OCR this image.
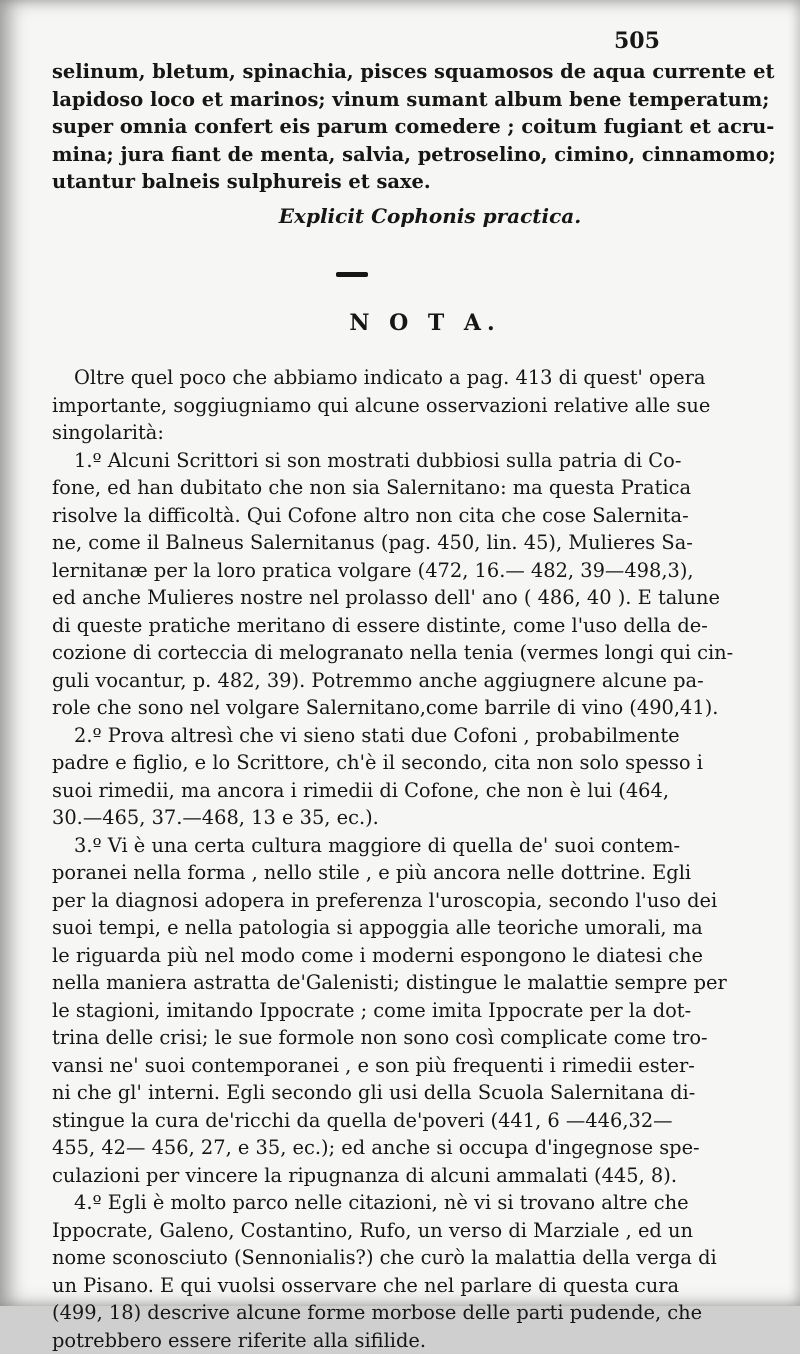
505
selinum, bletum, spinachia, pisces squamosos de aqua currente et
lapidoso loco et marinos; vinum sumant album bene temperatum;
super omnia confert eis parum comedere ; coitum fugiant et acru-
mina; jura fiant de menta, salvia, petroselino, cimino, cinnamomo;
utantur balneis sulphureis et saxe.
Explicit Cophonis practica.
N O T A.

Oltre quel poco che abbiamo indicato a pag. 413 di quest' opera
importante, soggiugniamo qui alcune osservazioni relative alle sue
singolarità:

1.º Alcuni Scrittori si son mostrati dubbiosi sulla patria di Co-
fone, ed han dubitato che non sia Salernitano: ma questa Pratica
risolve la difficoltà. Qui Cofone altro non cita che cose Salernita-
ne, come il Balneus Salernitanus (pag. 450, lin. 45), Mulieres Sa-
lernitanæ per la loro pratica volgare (472, 16.— 482, 39—498,3),
ed anche Mulieres nostre nel prolasso dell' ano ( 486, 40 ). E talune
di queste pratiche meritano di essere distinte, come l'uso della de-
cozione di corteccia di melogranato nella tenia (vermes longi qui cin-
guli vocantur, p. 482, 39). Potremmo anche aggiugnere alcune pa-
role che sono nel volgare Salernitano,come barrile di vino (490,41).

2.º Prova altresì che vi sieno stati due Cofoni , probabilmente
padre e figlio, e lo Scrittore, ch'è il secondo, cita non solo spesso i
suoi rimedii, ma ancora i rimedii di Cofone, che non è lui (464,
30.—465, 37.—468, 13 e 35, ec.).

3.º Vi è una certa cultura maggiore di quella de' suoi contem-
poranei nella forma , nello stile , e più ancora nelle dottrine. Egli
per la diagnosi adopera in preferenza l'uroscopia, secondo l'uso dei
suoi tempi, e nella patologia si appoggia alle teoriche umorali, ma
le riguarda più nel modo come i moderni espongono le diatesi che
nella maniera astratta de'Galenisti; distingue le malattie sempre per
le stagioni, imitando Ippocrate ; come imita Ippocrate per la dot-
trina delle crisi; le sue formole non sono così complicate come tro-
vansi ne' suoi contemporanei , e son più frequenti i rimedii ester-
ni che gl' interni. Egli secondo gli usi della Scuola Salernitana di-
stingue la cura de'ricchi da quella de'poveri (441, 6 —446,32—
455, 42— 456, 27, e 35, ec.); ed anche si occupa d'ingegnose spe-
culazioni per vincere la ripugnanza di alcuni ammalati (445, 8).

4.º Egli è molto parco nelle citazioni, nè vi si trovano altre che
Ippocrate, Galeno, Costantino, Rufo, un verso di Marziale , ed un
nome sconosciuto (Sennonialis?) che curò la malattia della verga di
un Pisano. E qui vuolsi osservare che nel parlare di questa cura
(499, 18) descrive alcune forme morbose delle parti pudende, che
potrebbero essere riferite alla sifilide.
